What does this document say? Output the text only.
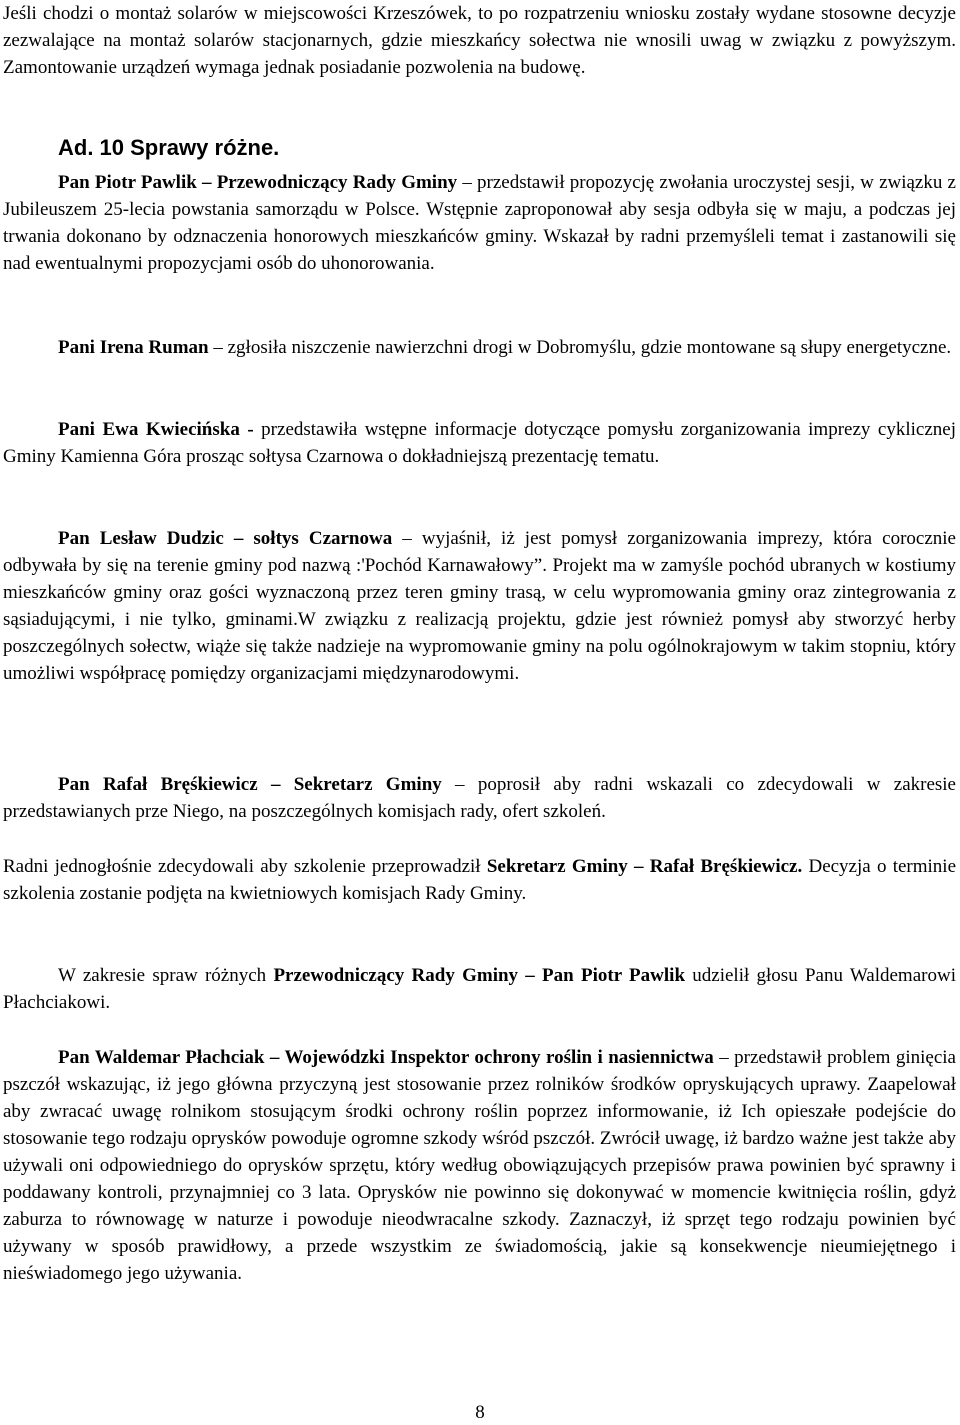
Jeśli chodzi o montaż solarów w miejscowości Krzeszówek, to po rozpatrzeniu wniosku zostały wydane stosowne decyzje zezwalające na montaż solarów stacjonarnych, gdzie mieszkańcy sołectwa nie wnosili uwag w związku z powyższym. Zamontowanie urządzeń wymaga jednak posiadanie pozwolenia na budowę.

Ad. 10 Sprawy różne.

Pan Piotr Pawlik – Przewodniczący Rady Gminy – przedstawił propozycję zwołania uroczystej sesji, w związku z Jubileuszem 25-lecia powstania samorządu w Polsce. Wstępnie zaproponował aby sesja odbyła się w maju, a podczas jej trwania dokonano by odznaczenia honorowych mieszkańców gminy. Wskazał by radni przemyśleli temat i zastanowili się nad ewentualnymi propozycjami osób do uhonorowania.

Pani Irena Ruman – zgłosiła niszczenie nawierzchni drogi w Dobromyślu, gdzie montowane są słupy energetyczne.

Pani Ewa Kwiecińska - przedstawiła wstępne informacje dotyczące pomysłu zorganizowania imprezy cyklicznej Gminy Kamienna Góra prosząc sołtysa Czarnowa o dokładniejszą prezentację tematu.

Pan Lesław Dudzic – sołtys Czarnowa – wyjaśnił, iż jest pomysł zorganizowania imprezy, która corocznie odbywała by się na terenie gminy pod nazwą :'Pochód Karnawałowy”. Projekt ma w zamyśle pochód ubranych w kostiumy mieszkańców gminy oraz gości wyznaczoną przez teren gminy trasą, w celu wypromowania gminy oraz zintegrowania z sąsiadującymi, i nie tylko, gminami.W związku z realizacją projektu, gdzie jest również pomysł aby stworzyć herby poszczególnych sołectw, wiąże się także nadzieje na wypromowanie gminy na polu ogólnokrajowym w takim stopniu, który umożliwi współpracę pomiędzy organizacjami międzynarodowymi.

Pan Rafał Bręśkiewicz – Sekretarz Gminy – poprosił aby radni wskazali co zdecydowali w zakresie przedstawianych prze Niego, na poszczególnych komisjach rady, ofert szkoleń.

Radni jednogłośnie zdecydowali aby szkolenie przeprowadził Sekretarz Gminy – Rafał Bręśkiewicz. Decyzja o terminie szkolenia zostanie podjęta na kwietniowych komisjach Rady Gminy.

W zakresie spraw różnych Przewodniczący Rady Gminy – Pan Piotr Pawlik udzielił głosu Panu Waldemarowi Płachciakowi.

Pan Waldemar Płachciak – Wojewódzki Inspektor ochrony roślin i nasiennictwa – przedstawił problem ginięcia pszczół wskazując, iż jego główna przyczyną jest stosowanie przez rolników środków opryskujących uprawy. Zaapelował aby zwracać uwagę rolnikom stosującym środki ochrony roślin poprzez informowanie, iż Ich opieszałe podejście do stosowanie tego rodzaju oprysków powoduje ogromne szkody wśród pszczół. Zwrócił uwagę, iż bardzo ważne jest także aby używali oni odpowiedniego do oprysków sprzętu, który według obowiązujących przepisów prawa powinien być sprawny i poddawany kontroli, przynajmniej co 3 lata. Oprysków nie powinno się dokonywać w momencie kwitnięcia roślin, gdyż zaburza to równowagę w naturze i powoduje nieodwracalne szkody. Zaznaczył, iż sprzęt tego rodzaju powinien być używany w sposób prawidłowy, a przede wszystkim ze świadomością, jakie są konsekwencje nieumiejętnego i nieświadomego jego używania.

8
